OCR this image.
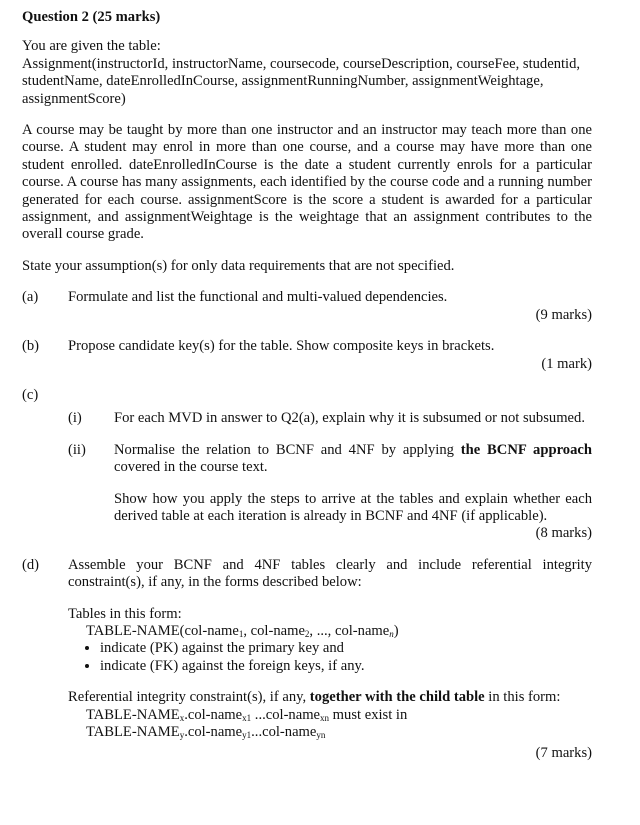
Question 2 (25 marks)

You are given the table:

Assignment(instructorId, instructorName, coursecode, courseDescription, courseFee, studentid, studentName, dateEnrolledInCourse, assignmentRunningNumber, assignmentWeightage, assignmentScore)

A course may be taught by more than one instructor and an instructor may teach more than one course. A student may enrol in more than one course, and a course may have more than one student enrolled. dateEnrolledInCourse is the date a student currently enrols for a particular course. A course has many assignments, each identified by the course code and a running number generated for each course. assignmentScore is the score a student is awarded for a particular assignment, and assignmentWeightage is the weightage that an assignment contributes to the overall course grade.

State your assumption(s) for only data requirements that are not specified.

(a)	Formulate and list the functional and multi-valued dependencies.

(9 marks)

(b)	Propose candidate key(s) for the table. Show composite keys in brackets.

(1 mark)

(c)

(i)	For each MVD in answer to Q2(a), explain why it is subsumed or not subsumed.
(ii)	Normalise the relation to BCNF and 4NF by applying the BCNF approach covered in the course text.

Show how you apply the steps to arrive at the tables and explain whether each derived table at each iteration is already in BCNF and 4NF (if applicable).

(8 marks)

(d)	Assemble your BCNF and 4NF tables clearly and include referential integrity constraint(s), if any, in the forms described below:

Tables in this form:

TABLE-NAME(col-name$_1$, col-name$_2$, ..., col-name$_n$)

• indicate (PK) against the primary key and
• indicate (FK) against the foreign keys, if any.

Referential integrity constraint(s), if any, together with the child table in this form:

TABLE-$NAME_x.col-name_{x1}$ ...col-name$_{xn}$ must exist in

TABLE-$NAME_y.col-name_{y1}...col-name_{yn}$

(7 marks)
